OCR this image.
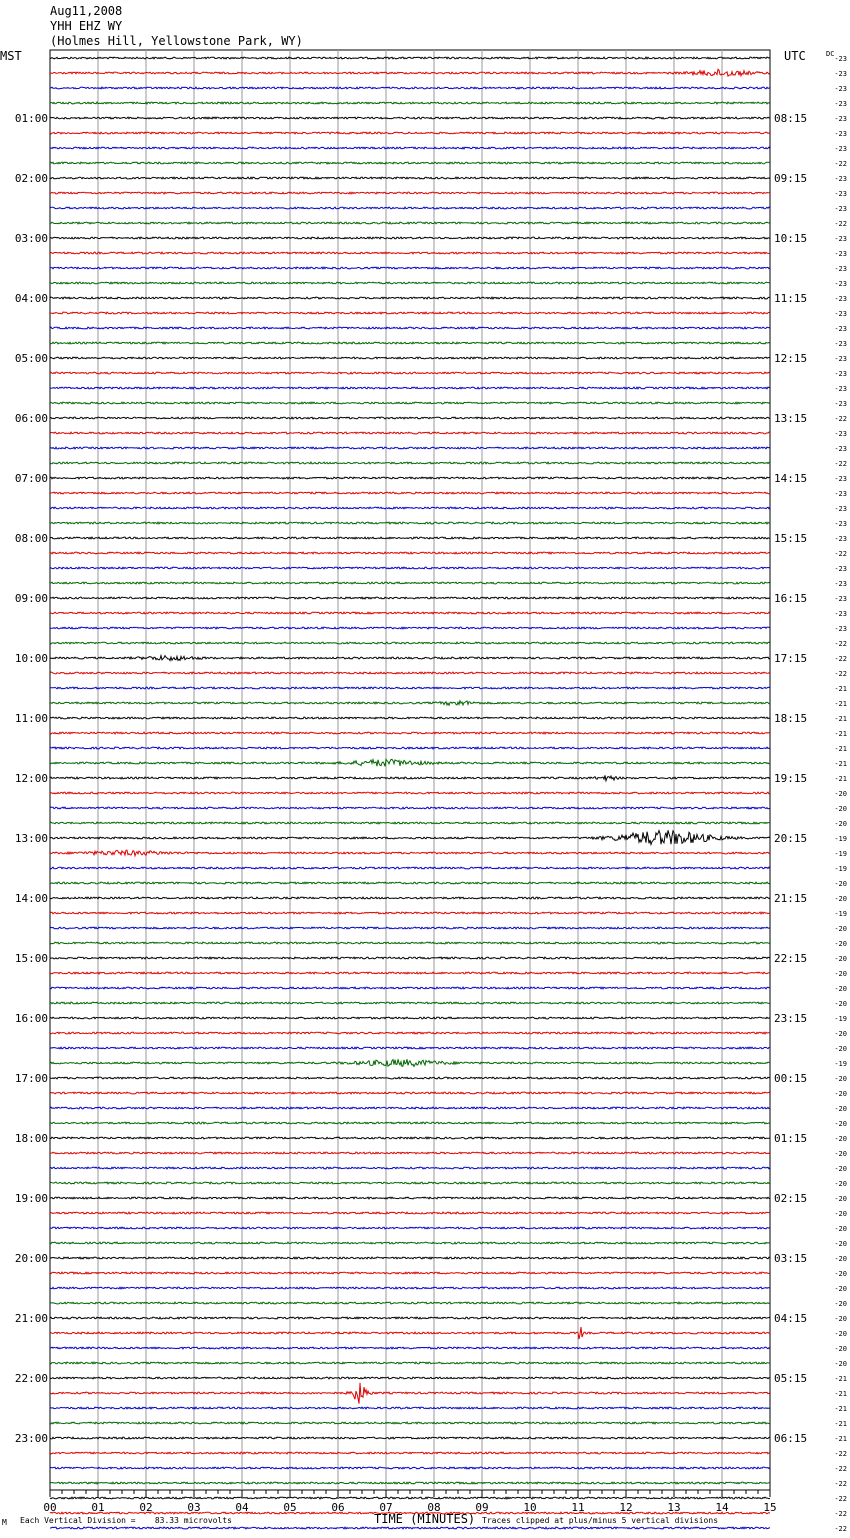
Aug11,2008
YHH EHZ WY
(Holmes Hill, Yellowstone Park, WY)
MST	UTC	DC
01:00
02:00
03:00
04:00
05:00
06:00
07:00
08:00
09:00
10:00
11:00
12:00
13:00
14:00
15:00
16:00
17:00
18:00
19:00
20:00
21:00
22:00
23:00
08:15
09:15
10:15
11:15
12:15
13:15
14:15
15:15
16:15
17:15
18:15
19:15
20:15
21:15
22:15
23:15
00:15
01:15
02:15
03:15
04:15
05:15
06:15
-23
-23
-23
-23
-23
-23
-23
-22
-23
-23
-23
-22
-23
-23
-23
-23
-23
-23
-23
-23
-23
-23
-23
-23
-22
-23
-23
-22
-23
-23
-23
-23
-23
-22
-23
-23
-23
-23
-23
-22
-22
-22
-21
-21
-21
-21
-21
-21
-21
-20
-20
-20
-19
-19
-19
-20
-20
-19
-20
-20
-20
-20
-20
-20
-19
-20
-20
-19
-20
-20
-20
-20
-20
-20
-20
-20
-20
-20
-20
-20
-20
-20
-20
-20
-20
-20
-20
-20
-21
-21
-21
-21
-21
-22
-22
-22
-22
-22
-22
00	01	02	03	04	05	06	07	08	09	10	11	12	13	14	15
M Each Vertical Division =    83.33 microvolts	TIME (MINUTES) Traces clipped at plus/minus 5 vertical divisions
